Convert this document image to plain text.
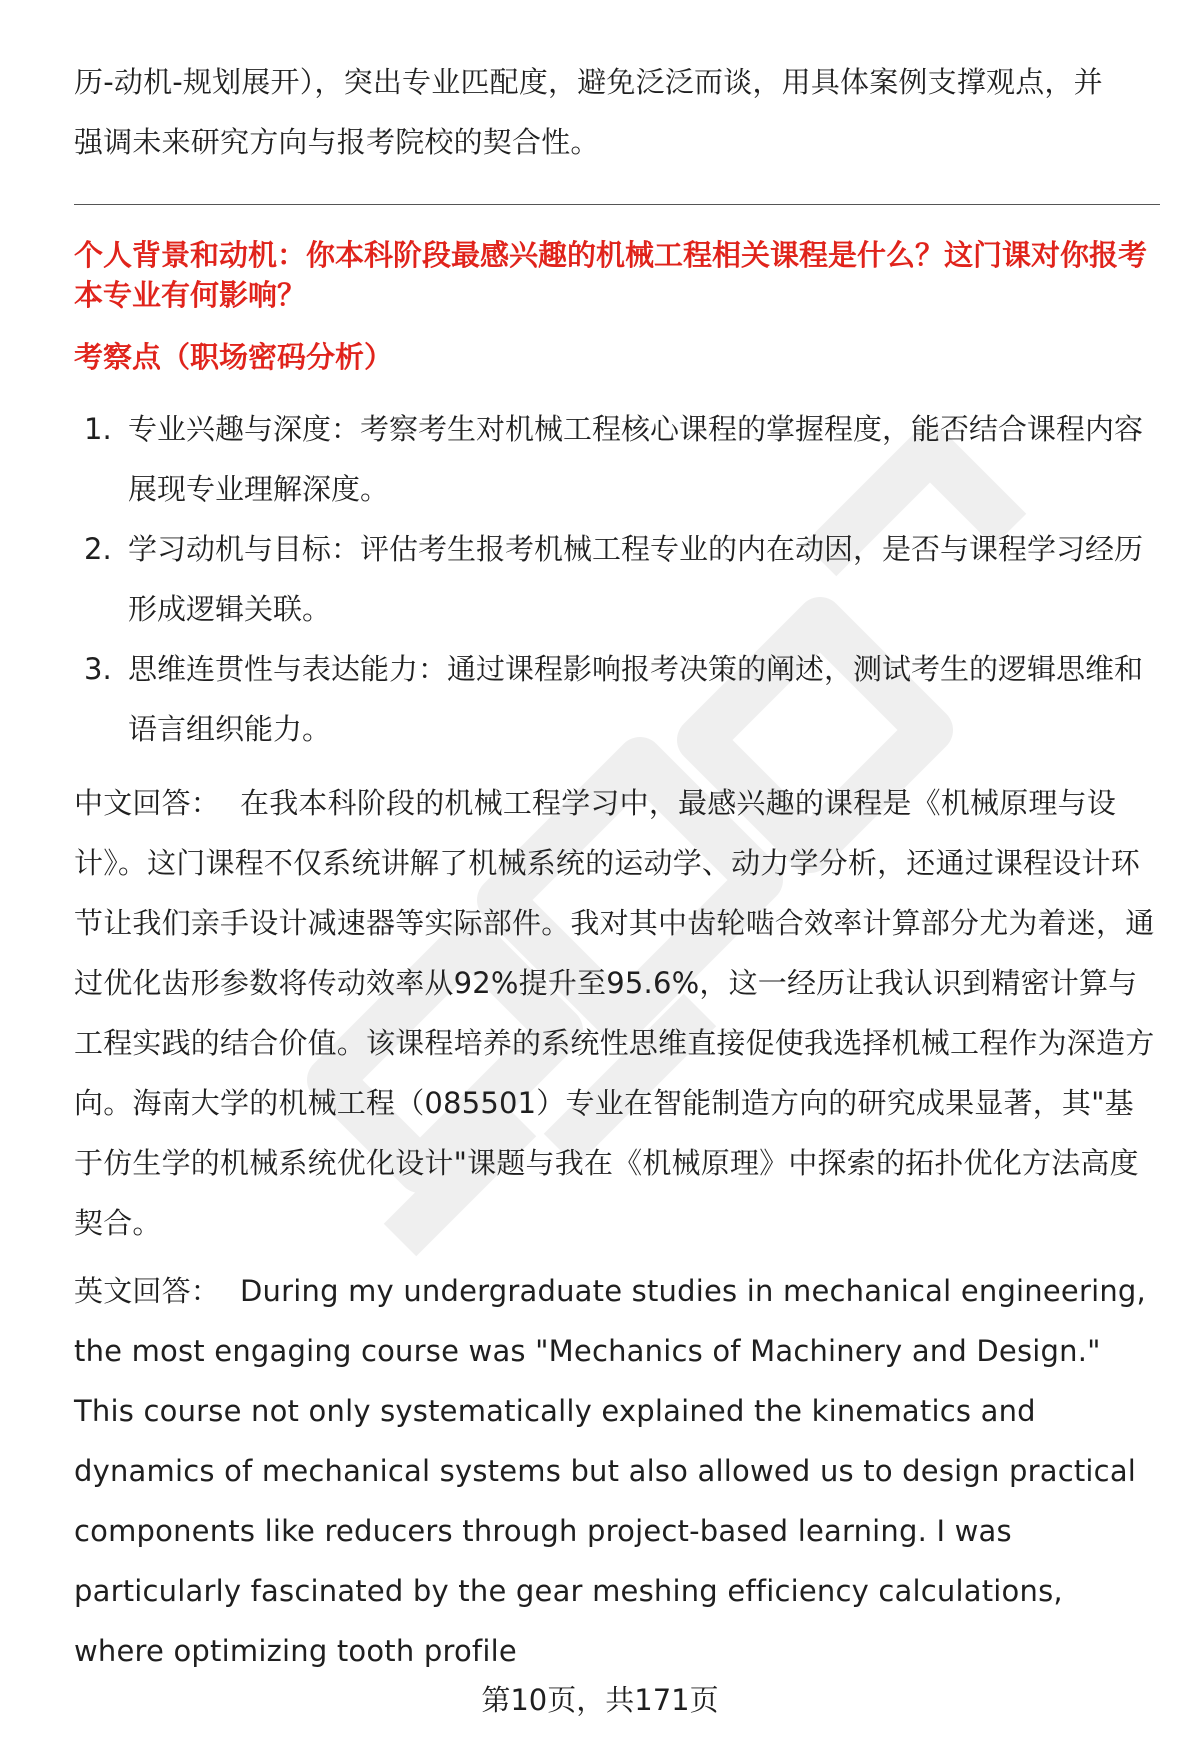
历-动机-规划展开），突出专业匹配度，避免泛泛而谈，用具体案例支撑观点，并
强调未来研究方向与报考院校的契合性。

个人背景和动机：你本科阶段最感兴趣的机械工程相关课程是什么？这门课对你报考本专业有何影响？

考察点（职场密码分析）

1. 专业兴趣与深度：考察考生对机械工程核心课程的掌握程度，能否结合课程内容展现专业理解深度。
2. 学习动机与目标：评估考生报考机械工程专业的内在动因，是否与课程学习经历形成逻辑关联。
3. 思维连贯性与表达能力：通过课程影响报考决策的阐述，测试考生的逻辑思维和语言组织能力。

中文回答： 在我本科阶段的机械工程学习中，最感兴趣的课程是《机械原理与设计》。这门课程不仅系统讲解了机械系统的运动学、动力学分析，还通过课程设计环节让我们亲手设计减速器等实际部件。我对其中齿轮啮合效率计算部分尤为着迷，通过优化齿形参数将传动效率从92%提升至95.6%，这一经历让我认识到精密计算与工程实践的结合价值。该课程培养的系统性思维直接促使我选择机械工程作为深造方向。海南大学的机械工程（085501）专业在智能制造方向的研究成果显著，其"基于仿生学的机械系统优化设计"课题与我在《机械原理》中探索的拓扑优化方法高度契合。

英文回答： During my undergraduate studies in mechanical engineering, the most engaging course was "Mechanics of Machinery and Design." This course not only systematically explained the kinematics and dynamics of mechanical systems but also allowed us to design practical components like reducers through project-based learning. I was particularly fascinated by the gear meshing efficiency calculations, where optimizing tooth profile

第10页，共171页
